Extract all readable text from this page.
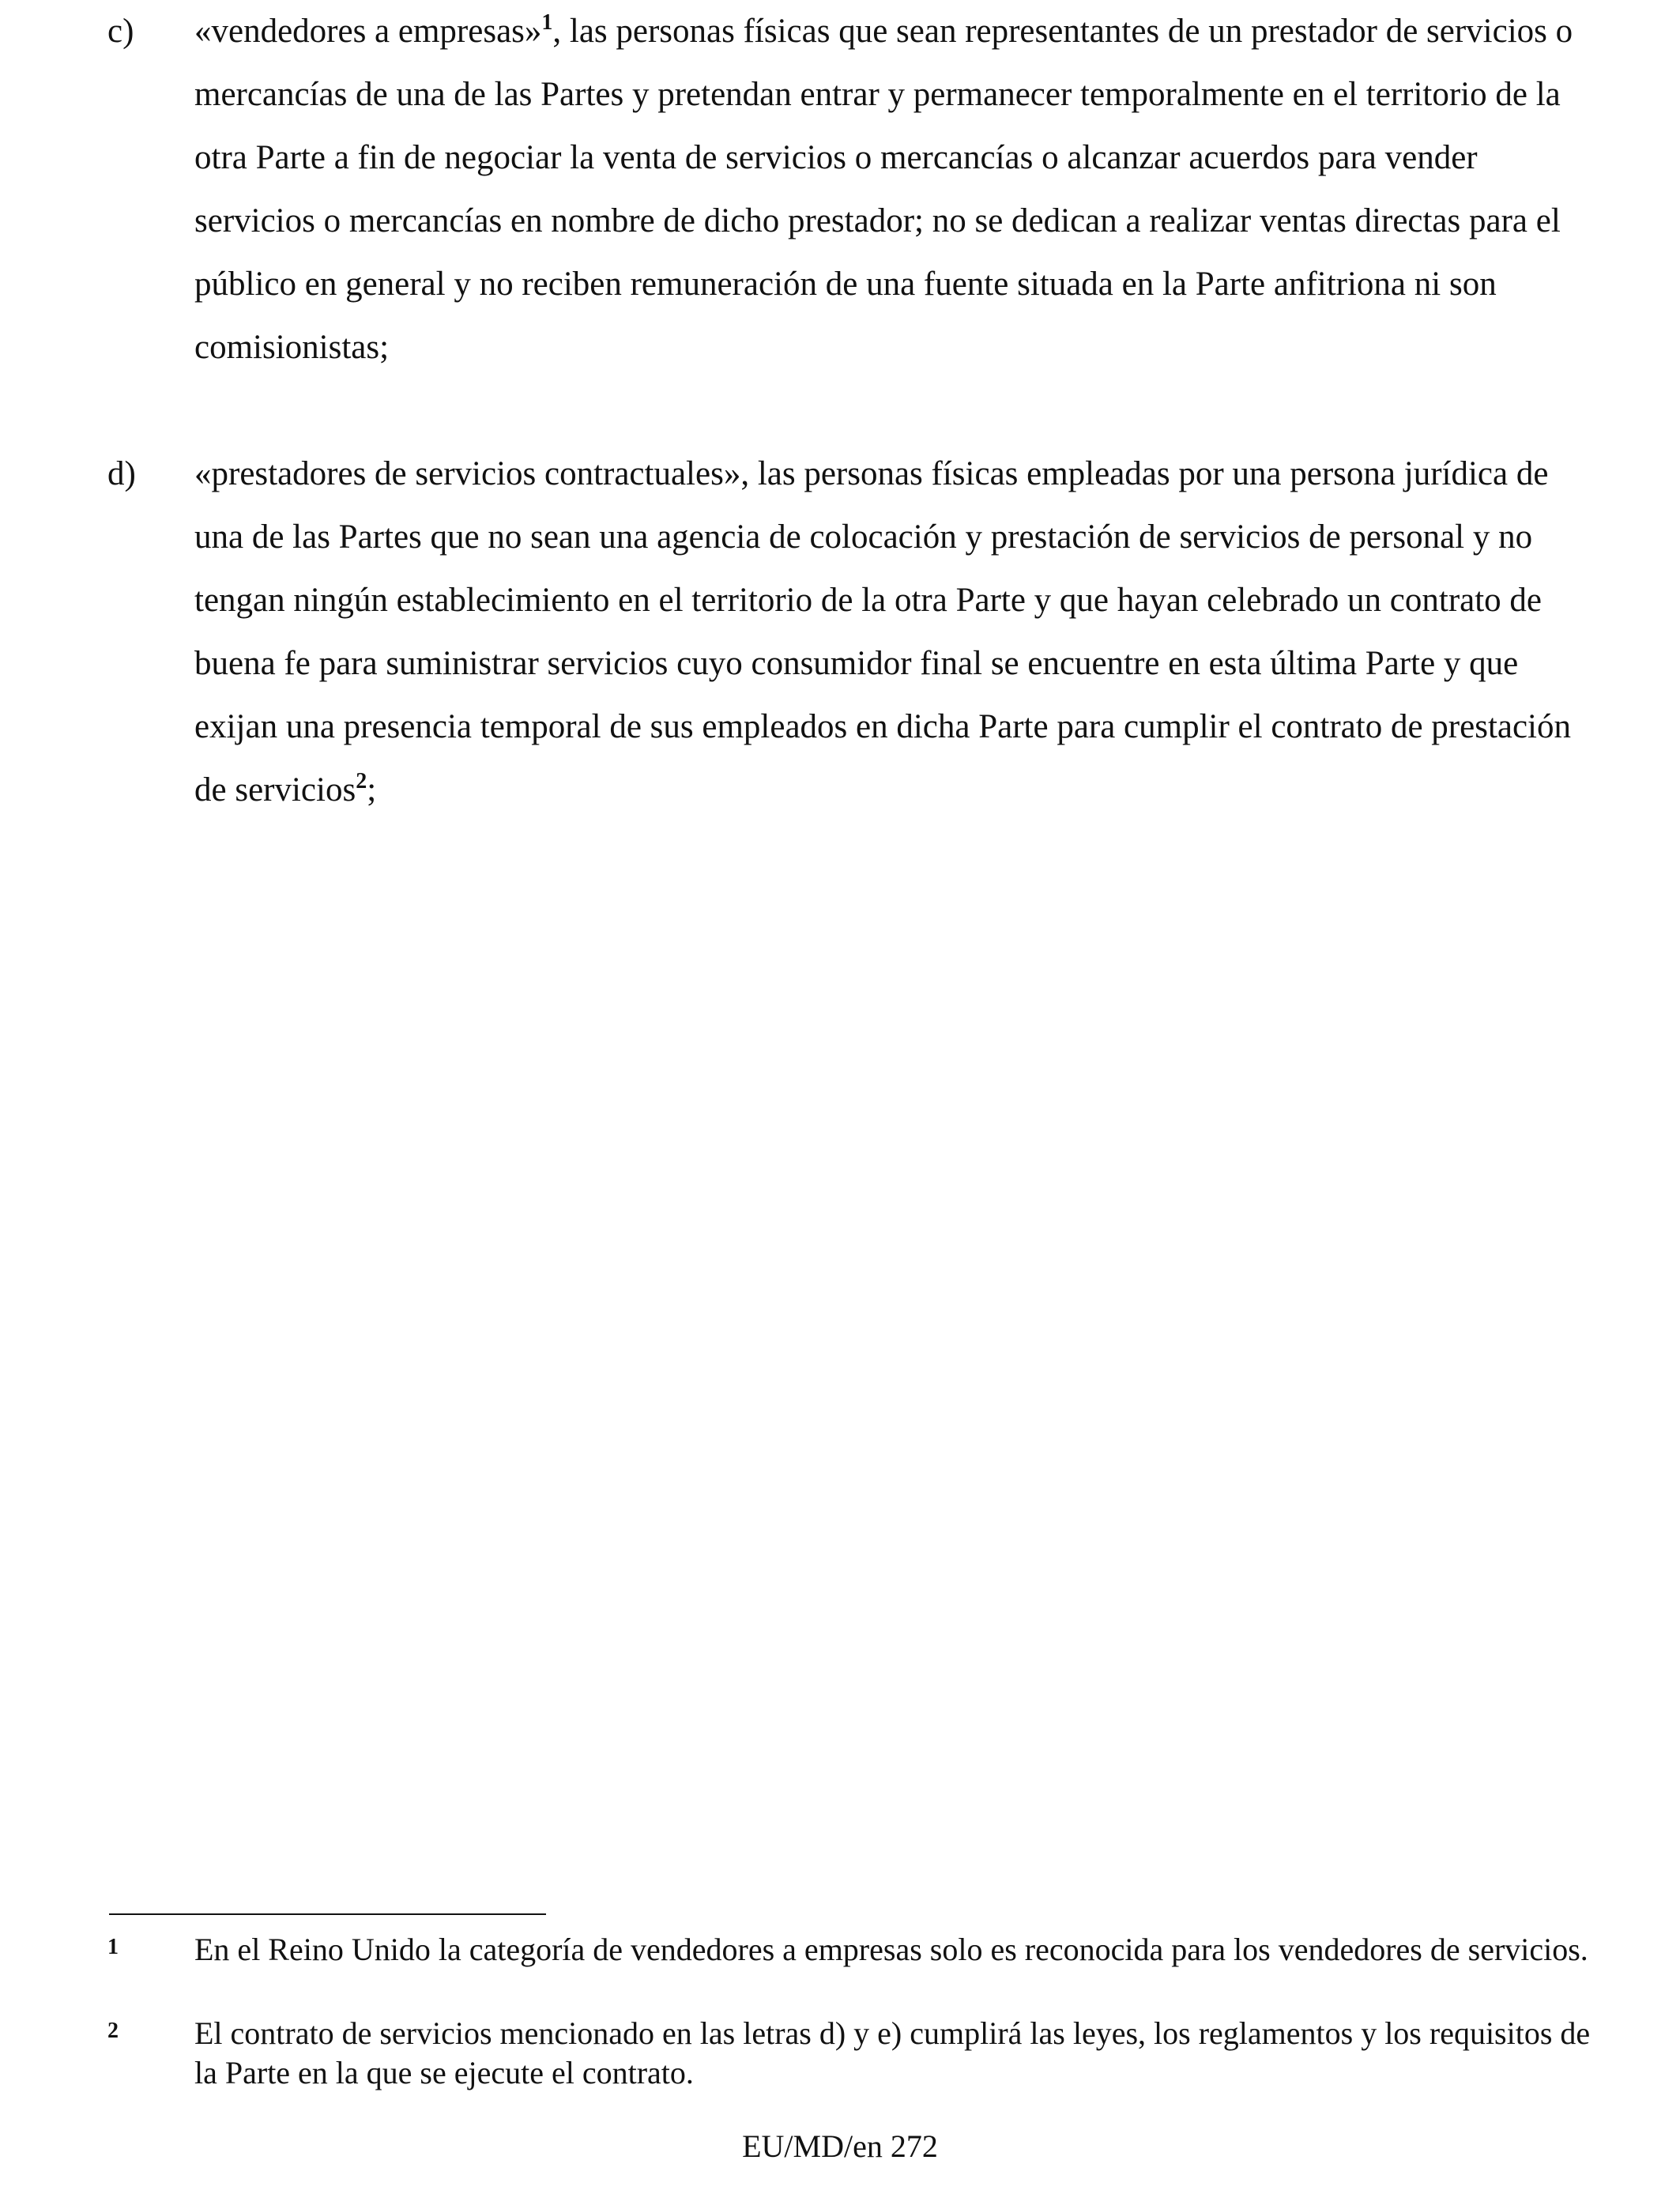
c)	«vendedores a empresas»$^1$, las personas físicas que sean representantes de un prestador de servicios o mercancías de una de las Partes y pretendan entrar y permanecer temporalmente en el territorio de la otra Parte a fin de negociar la venta de servicios o mercancías o alcanzar acuerdos para vender servicios o mercancías en nombre de dicho prestador; no se dedican a realizar ventas directas para el público en general y no reciben remuneración de una fuente situada en la Parte anfitriona ni son comisionistas;
d)	«prestadores de servicios contractuales», las personas físicas empleadas por una persona jurídica de una de las Partes que no sean una agencia de colocación y prestación de servicios de personal y no tengan ningún establecimiento en el territorio de la otra Parte y que hayan celebrado un contrato de buena fe para suministrar servicios cuyo consumidor final se encuentre en esta última Parte y que exijan una presencia temporal de sus empleados en dicha Parte para cumplir el contrato de prestación de servicios$^2$;
1	En el Reino Unido la categoría de vendedores a empresas solo es reconocida para los vendedores de servicios.
2	El contrato de servicios mencionado en las letras d) y e) cumplirá las leyes, los reglamentos y los requisitos de la Parte en la que se ejecute el contrato.
EU/MD/en 272
